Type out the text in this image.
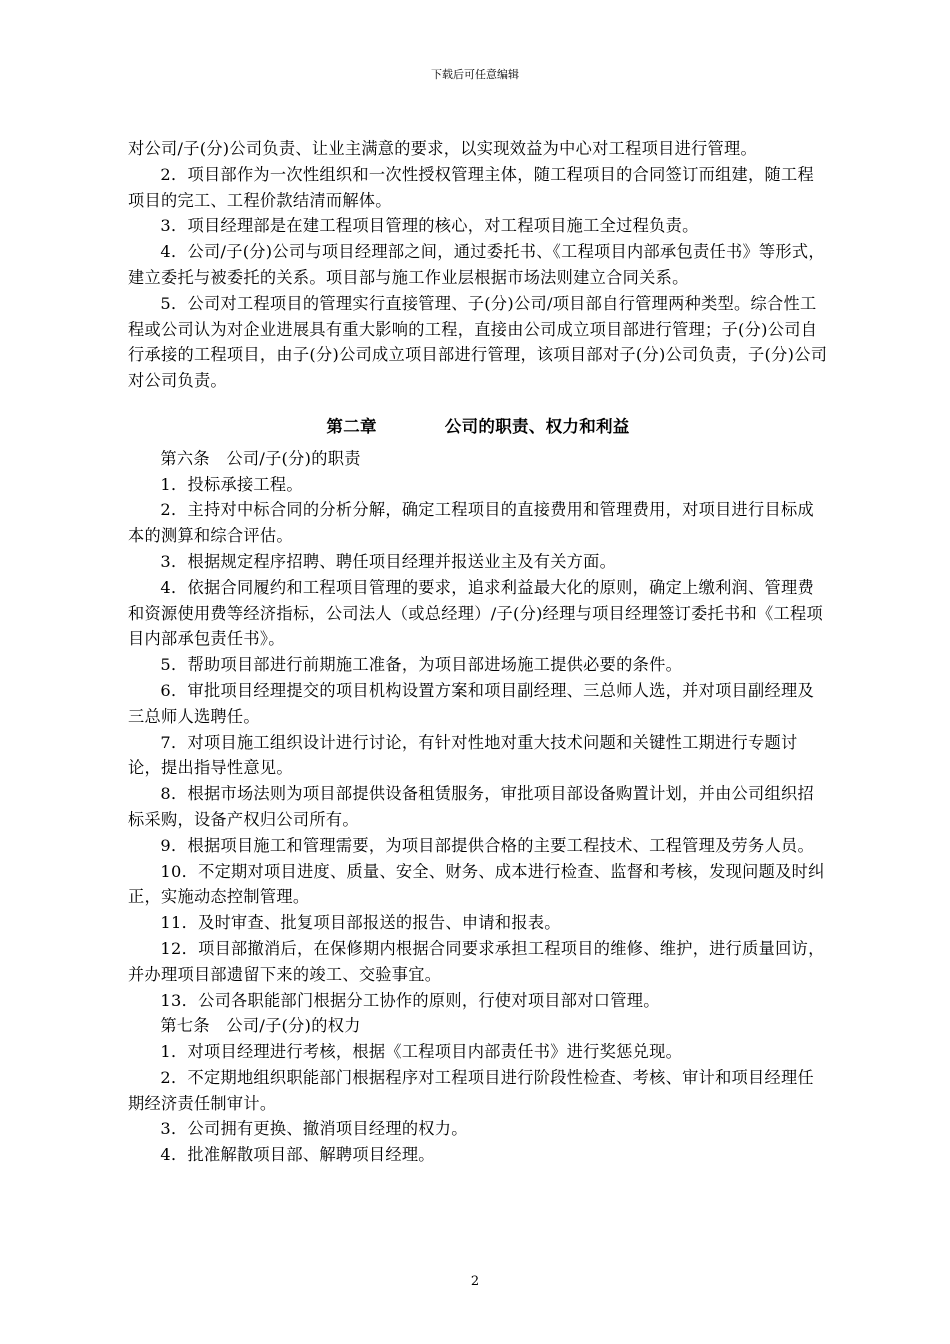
下载后可任意编辑

对公司/子(分)公司负责、让业主满意的要求，以实现效益为中心对工程项目进行管理。

2．项目部作为一次性组织和一次性授权管理主体，随工程项目的合同签订而组建，随工程项目的完工、工程价款结清而解体。

3．项目经理部是在建工程项目管理的核心，对工程项目施工全过程负责。

4．公司/子(分)公司与项目经理部之间，通过委托书、《工程项目内部承包责任书》等形式，建立委托与被委托的关系。项目部与施工作业层根据市场法则建立合同关系。

5．公司对工程项目的管理实行直接管理、子(分)公司/项目部自行管理两种类型。综合性工程或公司认为对企业进展具有重大影响的工程，直接由公司成立项目部进行管理；子(分)公司自行承接的工程项目，由子(分)公司成立项目部进行管理，该项目部对子(分)公司负责，子(分)公司对公司负责。

第二章	公司的职责、权力和利益

第六条　公司/子(分)的职责

1．投标承接工程。

2．主持对中标合同的分析分解，确定工程项目的直接费用和管理费用，对项目进行目标成本的测算和综合评估。

3．根据规定程序招聘、聘任项目经理并报送业主及有关方面。

4．依据合同履约和工程项目管理的要求，追求利益最大化的原则，确定上缴利润、管理费和资源使用费等经济指标，公司法人（或总经理）/子(分)经理与项目经理签订委托书和《工程项目内部承包责任书》。

5．帮助项目部进行前期施工准备，为项目部进场施工提供必要的条件。

6．审批项目经理提交的项目机构设置方案和项目副经理、三总师人选，并对项目副经理及三总师人选聘任。

7．对项目施工组织设计进行讨论，有针对性地对重大技术问题和关键性工期进行专题讨论，提出指导性意见。

8．根据市场法则为项目部提供设备租赁服务，审批项目部设备购置计划，并由公司组织招标采购，设备产权归公司所有。

9．根据项目施工和管理需要，为项目部提供合格的主要工程技术、工程管理及劳务人员。

10．不定期对项目进度、质量、安全、财务、成本进行检查、监督和考核，发现问题及时纠正，实施动态控制管理。

11．及时审查、批复项目部报送的报告、申请和报表。

12．项目部撤消后，在保修期内根据合同要求承担工程项目的维修、维护，进行质量回访，并办理项目部遗留下来的竣工、交验事宜。

13．公司各职能部门根据分工协作的原则，行使对项目部对口管理。

第七条　公司/子(分)的权力

1．对项目经理进行考核，根据《工程项目内部责任书》进行奖惩兑现。

2．不定期地组织职能部门根据程序对工程项目进行阶段性检查、考核、审计和项目经理任期经济责任制审计。

3．公司拥有更换、撤消项目经理的权力。

4．批准解散项目部、解聘项目经理。

2
